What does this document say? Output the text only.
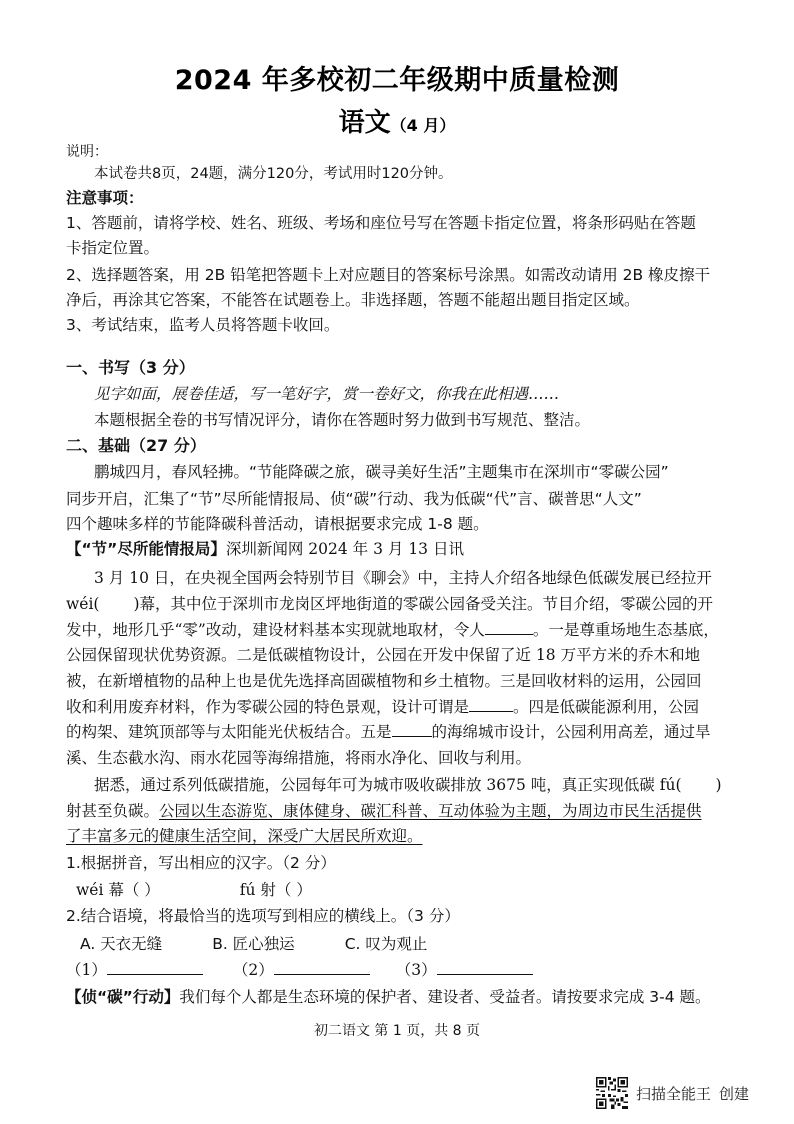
2024 年多校初二年级期中质量检测
语文（4 月）
说明：
本试卷共8页，24题，满分120分，考试用时120分钟。
注意事项：
1、答题前，请将学校、姓名、班级、考场和座位号写在答题卡指定位置，将条形码贴在答题
卡指定位置。
2、选择题答案，用 2B 铅笔把答题卡上对应题目的答案标号涂黑。如需改动请用 2B 橡皮擦干
净后，再涂其它答案，不能答在试题卷上。非选择题，答题不能超出题目指定区域。
3、考试结束，监考人员将答题卡收回。
一、书写（3 分）
见字如面，展卷佳适，写一笔好字，赏一卷好文，你我在此相遇……
本题根据全卷的书写情况评分，请你在答题时努力做到书写规范、整洁。
二、基础（27 分）
鹏城四月，春风轻拂。“节能降碳之旅，碳寻美好生活”主题集市在深圳市“零碳公园”
同步开启，汇集了“节”尽所能情报局、侦“碳”行动、我为低碳“代”言、碳普思“人文”
四个趣味多样的节能降碳科普活动，请根据要求完成 1-8 题。
【“节”尽所能情报局】深圳新闻网 2024 年 3 月 13 日讯
3 月 10 日，在央视全国两会特别节目《聊会》中，主持人介绍各地绿色低碳发展已经拉开
wéi( )幕，其中位于深圳市龙岗区坪地街道的零碳公园备受关注。节目介绍，零碳公园的开
发中，地形几乎“零”改动，建设材料基本实现就地取材，令人	。一是尊重场地生态基底，
公园保留现状优势资源。二是低碳植物设计，公园在开发中保留了近 18 万平方米的乔木和地
被，在新增植物的品种上也是优先选择高固碳植物和乡土植物。三是回收材料的运用，公园回
收和利用废弃材料，作为零碳公园的特色景观，设计可谓是	。四是低碳能源利用，公园
的构架、建筑顶部等与太阳能光伏板结合。五是	的海绵城市设计，公园利用高差，通过旱
溪、生态截水沟、雨水花园等海绵措施，将雨水净化、回收与利用。
据悉，通过系列低碳措施，公园每年可为城市吸收碳排放 3675 吨，真正实现低碳 fú( )
射甚至负碳。公园以生态游览、康体健身、碳汇科普、互动体验为主题，为周边市民生活提供
了丰富多元的健康生活空间，深受广大居民所欢迎。
1.根据拼音，写出相应的汉字。（2 分）
wéi 幕（ ）	fú 射（ ）
2.结合语境，将最恰当的选项写到相应的横线上。（3 分）
A. 天衣无缝	B. 匠心独运	C. 叹为观止
（1）	（2）	（3）
【侦“碳”行动】我们每个人都是生态环境的保护者、建设者、受益者。请按要求完成 3-4 题。
初二语文 第 1 页，共 8 页
扫描全能王 创建
